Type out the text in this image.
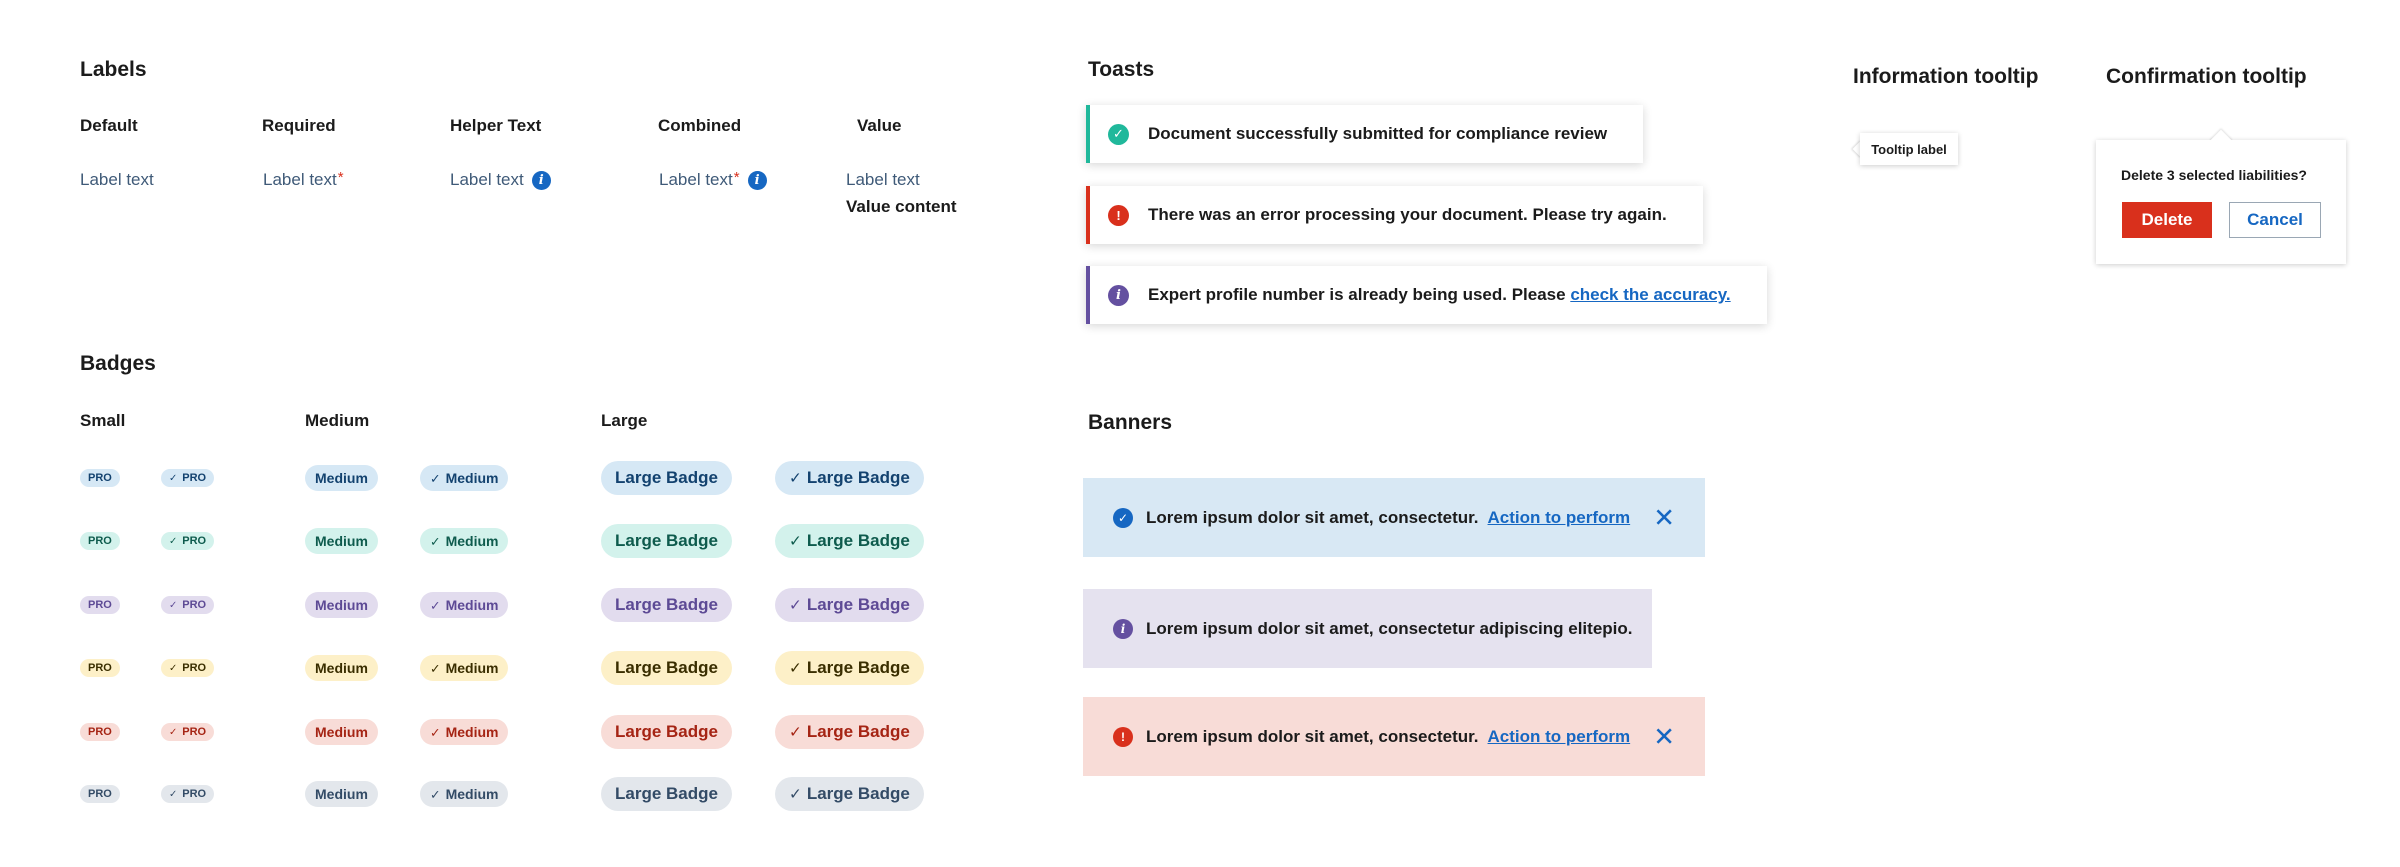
Labels
Default	Required	Helper Text	Combined	Value
Label text	Label text *	Label text	i	Label text *	i	Label text
Value content
Badges
Small	Medium	Large
PRO	✓ PRO	Medium	✓ Medium	Large Badge	✓ Large Badge
PRO	✓ PRO	Medium	✓ Medium	Large Badge	✓ Large Badge
PRO	✓ PRO	Medium	✓ Medium	Large Badge	✓ Large Badge
PRO	✓ PRO	Medium	✓ Medium	Large Badge	✓ Large Badge
PRO	✓ PRO	Medium	✓ Medium	Large Badge	✓ Large Badge
PRO	✓ PRO	Medium	✓ Medium	Large Badge	✓ Large Badge
Toasts
✓ Document successfully submitted for compliance review
!	There was an error processing your document. Please try again.
i	Expert profile number is already being used. Please check the accuracy.
Banners
✓ Lorem ipsum dolor sit amet, consectetur. Action to perform ✕
i	Lorem ipsum dolor sit amet, consectetur adipiscing elitepio.
!	Lorem ipsum dolor sit amet, consectetur. Action to perform ✕
Information tooltip
Tooltip label
Confirmation tooltip
Delete 3 selected liabilities?
Delete	Cancel
